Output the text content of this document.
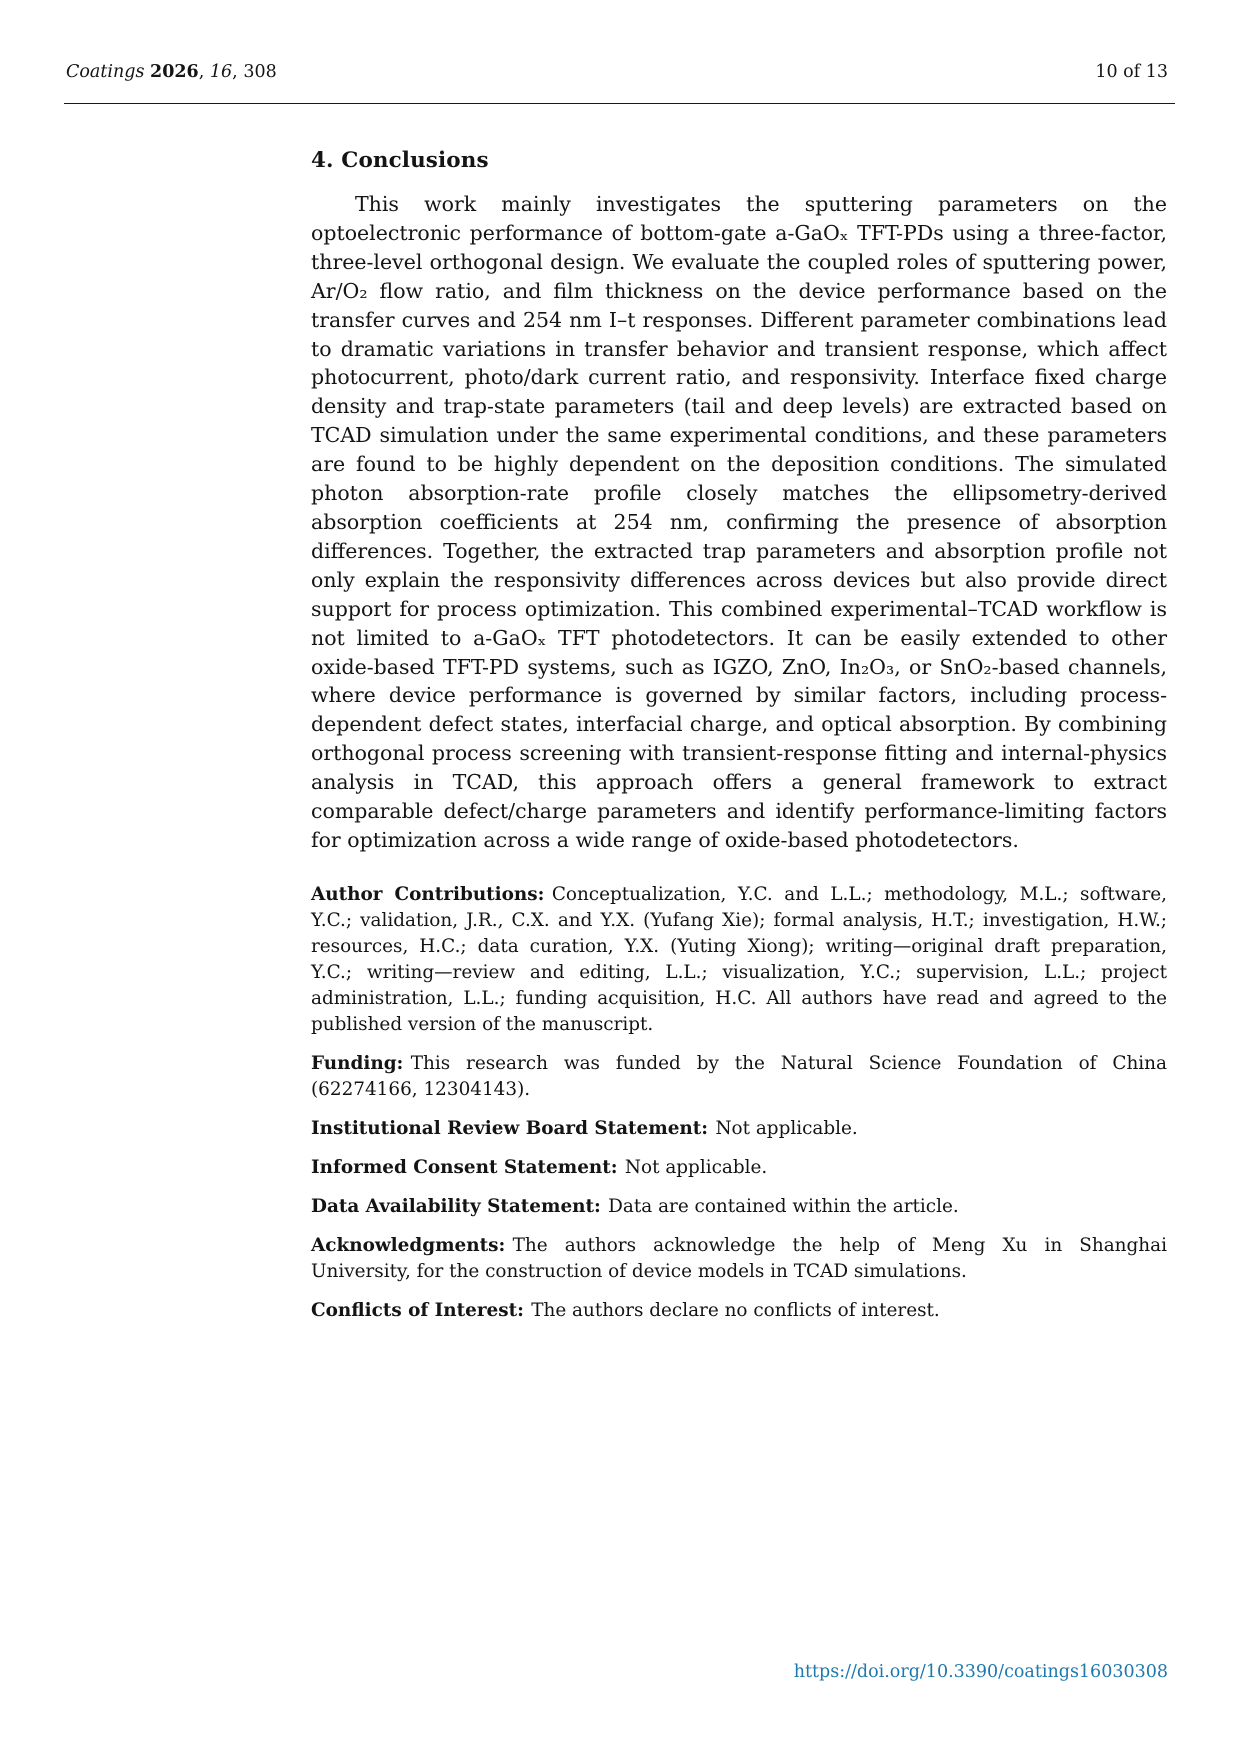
Coatings 2026, 16, 308	10 of 13
4. Conclusions

This work mainly investigates the sputtering parameters on the optoelectronic performance of bottom-gate a-GaOₓ TFT-PDs using a three-factor, three-level orthogonal design. We evaluate the coupled roles of sputtering power, Ar/O₂ flow ratio, and film thickness on the device performance based on the transfer curves and 254 nm I–t responses. Different parameter combinations lead to dramatic variations in transfer behavior and transient response, which affect photocurrent, photo/dark current ratio, and responsivity. Interface fixed charge density and trap-state parameters (tail and deep levels) are extracted based on TCAD simulation under the same experimental conditions, and these parameters are found to be highly dependent on the deposition conditions. The simulated photon absorption-rate profile closely matches the ellipsometry-derived absorption coefficients at 254 nm, confirming the presence of absorption differences. Together, the extracted trap parameters and absorption profile not only explain the responsivity differences across devices but also provide direct support for process optimization. This combined experimental–TCAD workflow is not limited to a-GaOₓ TFT photodetectors. It can be easily extended to other oxide-based TFT-PD systems, such as IGZO, ZnO, In₂O₃, or SnO₂-based channels, where device performance is governed by similar factors, including process-dependent defect states, interfacial charge, and optical absorption. By combining orthogonal process screening with transient-response fitting and internal-physics analysis in TCAD, this approach offers a general framework to extract comparable defect/charge parameters and identify performance-limiting factors for optimization across a wide range of oxide-based photodetectors.

Author Contributions: Conceptualization, Y.C. and L.L.; methodology, M.L.; software, Y.C.; validation, J.R., C.X. and Y.X. (Yufang Xie); formal analysis, H.T.; investigation, H.W.; resources, H.C.; data curation, Y.X. (Yuting Xiong); writing—original draft preparation, Y.C.; writing—review and editing, L.L.; visualization, Y.C.; supervision, L.L.; project administration, L.L.; funding acquisition, H.C. All authors have read and agreed to the published version of the manuscript.

Funding: This research was funded by the Natural Science Foundation of China (62274166, 12304143).

Institutional Review Board Statement: Not applicable.

Informed Consent Statement: Not applicable.

Data Availability Statement: Data are contained within the article.

Acknowledgments: The authors acknowledge the help of Meng Xu in Shanghai University, for the construction of device models in TCAD simulations.

Conflicts of Interest: The authors declare no conflicts of interest.

https://doi.org/10.3390/coatings16030308
